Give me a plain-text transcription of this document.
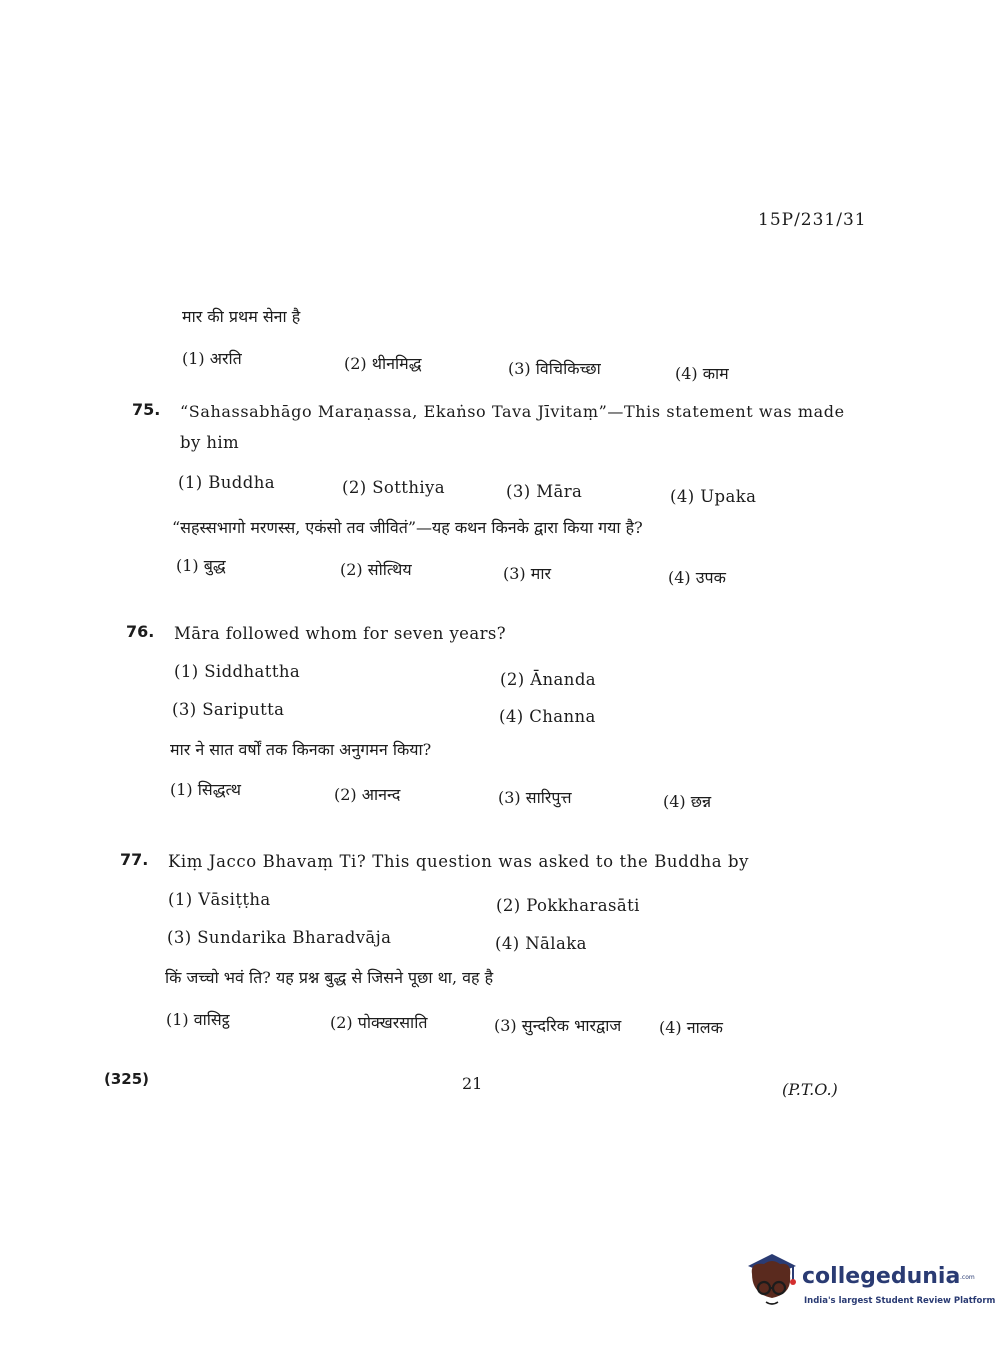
15P/231/31
मार की प्रथम सेना है
(1) अरति	(2) थीनमिद्ध	(3) विचिकिच्छा	(4) काम
75. “Sahassabhāgo Maraṇassa, Ekaṅso Tava Jīvitaṃ”—This statement was made
by him
(1) Buddha	(2) Sotthiya	(3) Māra	(4) Upaka
“सहस्सभागो मरणस्स, एकंसो तव जीवितं”—यह कथन किनके द्वारा किया गया है?
(1) बुद्ध	(2) सोत्थिय	(3) मार	(4) उपक
76. Māra followed whom for seven years?
(1) Siddhattha	(2) Ānanda
(3) Sariputta	(4) Channa
मार ने सात वर्षों तक किनका अनुगमन किया?
(1) सिद्धत्थ	(2) आनन्द	(3) सारिपुत्त	(4) छन्न
77. Kiṃ Jacco Bhavaṃ Ti? This question was asked to the Buddha by
(1) Vāsiṭṭha	(2) Pokkharasāti
(3) Sundarika Bharadvāja	(4) Nālaka
किं जच्चो भवं ति? यह प्रश्न बुद्ध से जिसने पूछा था, वह है
(1) वासिट्ठ	(2) पोक्खरसाति	(3) सुन्दरिक भारद्वाज (4) नालक
(325)	21	(P.T.O.)
collegedunia .com
India's largest Student Review Platform
